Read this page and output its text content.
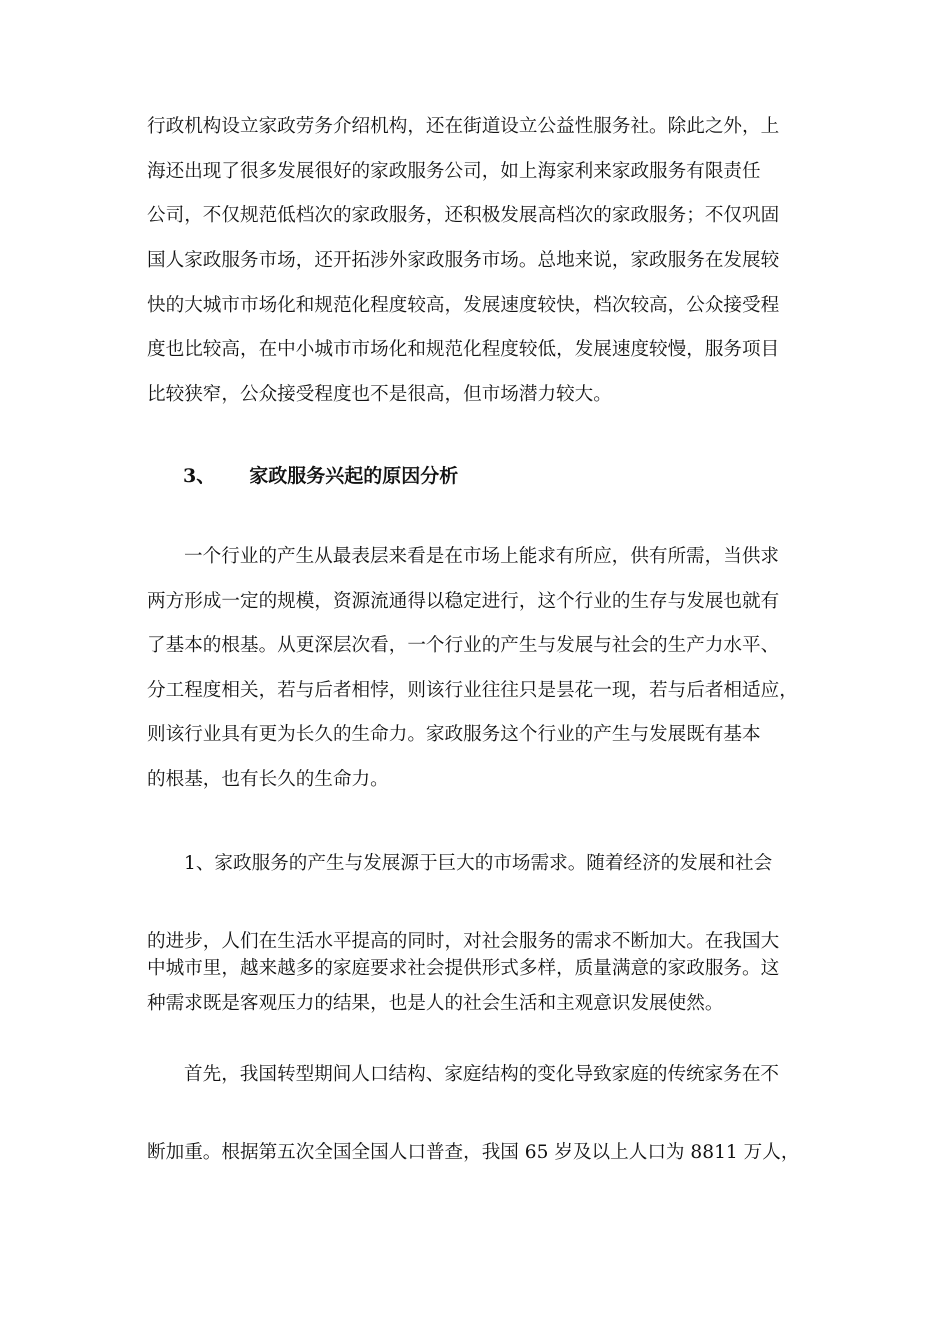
行政机构设立家政劳务介绍机构，还在街道设立公益性服务社。除此之外，上
海还出现了很多发展很好的家政服务公司，如上海家利来家政服务有限责任
公司，不仅规范低档次的家政服务，还积极发展高档次的家政服务；不仅巩固
国人家政服务市场，还开拓涉外家政服务市场。总地来说，家政服务在发展较
快的大城市市场化和规范化程度较高，发展速度较快，档次较高，公众接受程
度也比较高，在中小城市市场化和规范化程度较低，发展速度较慢，服务项目
比较狭窄，公众接受程度也不是很高，但市场潜力较大。
3、 家政服务兴起的原因分析
一个行业的产生从最表层来看是在市场上能求有所应，供有所需，当供求
两方形成一定的规模，资源流通得以稳定进行，这个行业的生存与发展也就有
了基本的根基。从更深层次看，一个行业的产生与发展与社会的生产力水平、
分工程度相关，若与后者相悖，则该行业往往只是昙花一现，若与后者相适应，
则该行业具有更为长久的生命力。家政服务这个行业的产生与发展既有基本
的根基，也有长久的生命力。
1、家政服务的产生与发展源于巨大的市场需求。随着经济的发展和社会
的进步，人们在生活水平提高的同时，对社会服务的需求不断加大。在我国大
中城市里，越来越多的家庭要求社会提供形式多样，质量满意的家政服务。这
种需求既是客观压力的结果，也是人的社会生活和主观意识发展使然。
首先，我国转型期间人口结构、家庭结构的变化导致家庭的传统家务在不
断加重。根据第五次全国全国人口普查，我国 65 岁及以上人口为 8811 万人，
